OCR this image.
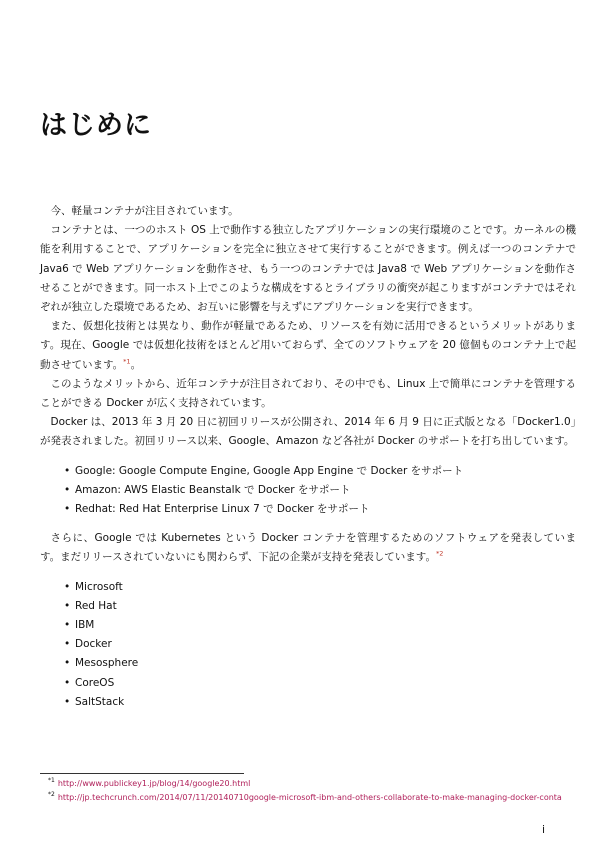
はじめに

今、軽量コンテナが注目されています。

コンテナとは、一つのホスト OS 上で動作する独立したアプリケーションの実行環境のことです。カーネルの機能を利用することで、アプリケーションを完全に独立させて実行することができます。例えば一つのコンテナで Java6 で Web アプリケーションを動作させ、もう一つのコンテナでは Java8 で Web アプリケーションを動作させることができます。同一ホスト上でこのような構成をするとライブラリの衝突が起こりますがコンテナではそれぞれが独立した環境であるため、お互いに影響を与えずにアプリケーションを実行できます。

また、仮想化技術とは異なり、動作が軽量であるため、リソースを有効に活用できるというメリットがあります。現在、Google では仮想化技術をほとんど用いておらず、全てのソフトウェアを 20 億個ものコンテナ上で起動させています。$^{*1}$。

このようなメリットから、近年コンテナが注目されており、その中でも、Linux 上で簡単にコンテナを管理することができる Docker が広く支持されています。

Docker は、2013 年 3 月 20 日に初回リリースが公開され、2014 年 6 月 9 日に正式版となる「Docker1.0」が発表されました。初回リリース以来、Google、Amazon など各社が Docker のサポートを打ち出しています。

• Google: Google Compute Engine, Google App Engine で Docker をサポート
• Amazon: AWS Elastic Beanstalk で Docker をサポート
• Redhat: Red Hat Enterprise Linux 7 で Docker をサポート

さらに、Google では Kubernetes という Docker コンテナを管理するためのソフトウェアを発表しています。まだリリースされていないにも関わらず、下記の企業が支持を発表しています。$^{*2}$

• Microsoft
• Red Hat
• IBM
• Docker
• Mesosphere
• CoreOS
• SaltStack
$^{*1}$ http://www.publickey1.jp/blog/14/google20.html
$^{*2}$ http://jp.techcrunch.com/2014/07/11/20140710google-microsoft-ibm-and-others-collaborate-to-make-managing-docker-conta
i
